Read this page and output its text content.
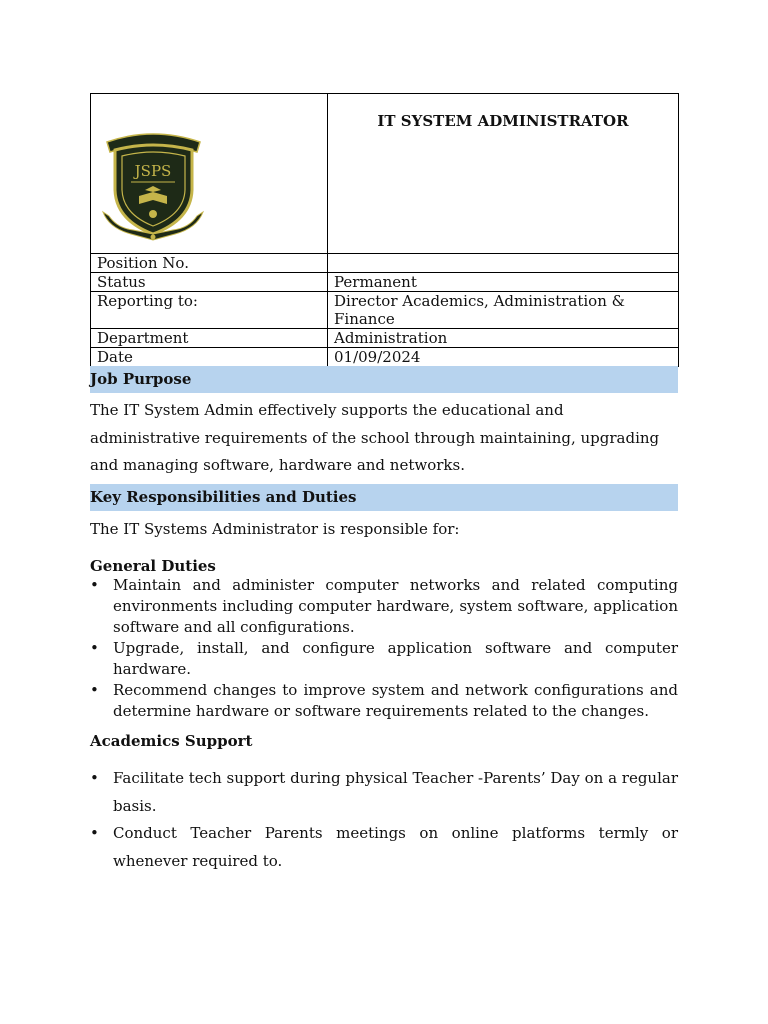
JSPS	IT SYSTEM ADMINISTRATOR
Position No.	
Status	Permanent
Reporting to:	Director Academics, Administration & Finance
Department	Administration
Date	01/09/2024
Job Purpose

The IT System Admin effectively supports the educational and administrative requirements of the school through maintaining, upgrading and managing software, hardware and networks.

Key Responsibilities and Duties
The IT Systems Administrator is responsible for:
General Duties
• Maintain and administer computer networks and related computing environments including computer hardware, system software, application software and all configurations.
• Upgrade, install, and configure application software and computer hardware.
• Recommend changes to improve system and network configurations and determine hardware or software requirements related to the changes.
Academics Support
• Facilitate tech support during physical Teacher -Parents’ Day on a regular basis.
• Conduct Teacher Parents meetings on online platforms termly or whenever required to.
